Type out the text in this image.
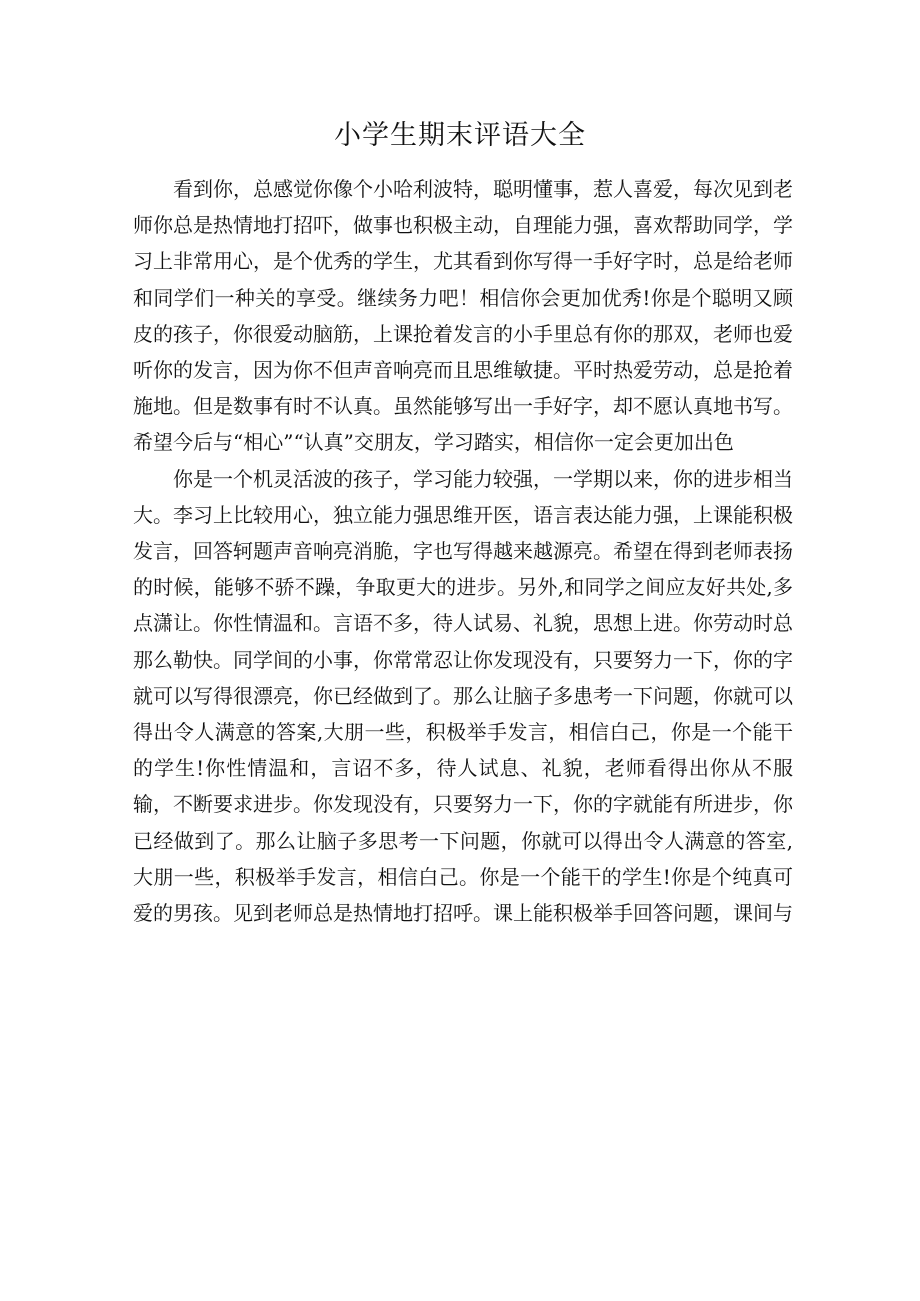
小学生期末评语大全

看到你，总感觉你像个小哈利波特，聪明懂事，惹人喜爱，每次见到老师你总是热情地打招吓，做事也积极主动，自理能力强，喜欢帮助同学，学习上非常用心，是个优秀的学生，尤其看到你写得一手好字时，总是给老师和同学们一种关的享受。继续务力吧！相信你会更加优秀!你是个聪明又顾皮的孩子，你很爱动脑筋，上课抢着发言的小手里总有你的那双，老师也爱听你的发言，因为你不但声音响亮而且思维敏捷。平时热爱劳动，总是抢着施地。但是数事有时不认真。虽然能够写出一手好字，却不愿认真地书写。希望今后与“相心”“认真”交朋友，学习踏实，相信你一定会更加出色

你是一个机灵活波的孩子，学习能力较强，一学期以来，你的进步相当大。李习上比较用心，独立能力强思维开医，语言表达能力强，上课能积极发言，回答轲题声音响亮消脆，字也写得越来越源亮。希望在得到老师表扬的时候，能够不骄不躁，争取更大的进步。另外,和同学之间应友好共处,多点潇让。你性情温和。言语不多，待人试易、礼貌，思想上进。你劳动时总那么勒快。同学间的小事，你常常忍让你发现没有，只要努力一下，你的字就可以写得很漂亮，你已经做到了。那么让脑子多患考一下问题，你就可以得出令人满意的答案,大朋一些，积极举手发言，相信白己，你是一个能干的学生!你性情温和，言诏不多，待人试息、礼貌，老师看得出你从不服输，不断要求进步。你发现没有，只要努力一下，你的字就能有所进步，你已经做到了。那么让脑子多思考一下问题，你就可以得出令人满意的答室,大朋一些，积极举手发言，相信白己。你是一个能干的学生!你是个纯真可爱的男孩。见到老师总是热情地打招呼。课上能积极举手回答问题，课间与
